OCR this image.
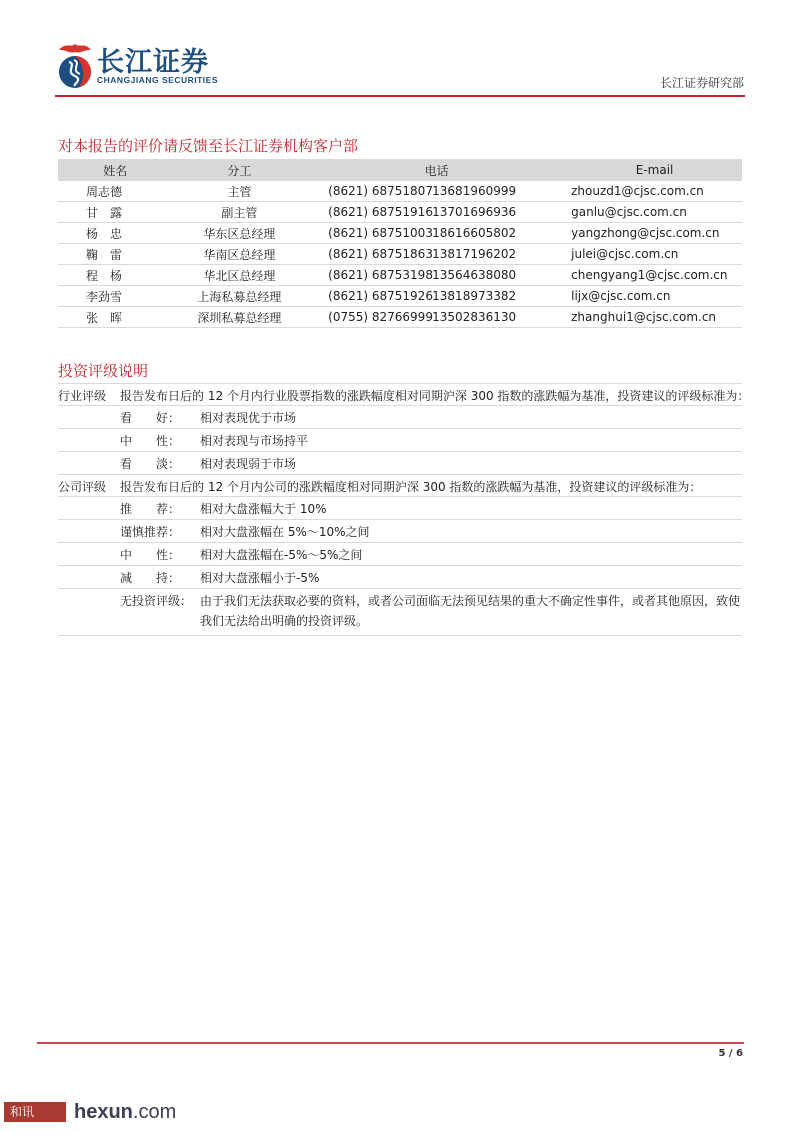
长江证券
CHANGJIANG SECURITIES	长江证券研究部
对本报告的评价请反馈至长江证券机构客户部
姓名	分工	电话	E-mail
周志德	主管	(8621) 6875180713681960999	zhouzd1@cjsc.com.cn
甘　露	副主管	(8621) 6875191613701696936	ganlu@cjsc.com.cn
杨　忠	华东区总经理	(8621) 6875100318616605802	yangzhong@cjsc.com.cn
鞠　雷	华南区总经理	(8621) 6875186313817196202	julei@cjsc.com.cn
程　杨	华北区总经理	(8621) 6875319813564638080	chengyang1@cjsc.com.cn
李劲雪	上海私募总经理	(8621) 6875192613818973382	lijx@cjsc.com.cn
张　晖	深圳私募总经理	(0755) 8276699913502836130	zhanghui1@cjsc.com.cn
投资评级说明
行业评级	报告发布日后的 12 个月内行业股票指数的涨跌幅度相对同期沪深 300 指数的涨跌幅为基准，投资建议的评级标准为：
看　　好：	相对表现优于市场
中　　性：	相对表现与市场持平
看　　淡：	相对表现弱于市场
公司评级	报告发布日后的 12 个月内公司的涨跌幅度相对同期沪深 300 指数的涨跌幅为基准，投资建议的评级标准为：
推　　荐：	相对大盘涨幅大于 10%
谨慎推荐：	相对大盘涨幅在 5%～10%之间
中　　性：	相对大盘涨幅在-5%～5%之间
减　　持：	相对大盘涨幅小于-5%
无投资评级： 由于我们无法获取必要的资料，或者公司面临无法预见结果的重大不确定性事件，或者其他原因，致使我们无法给出明确的投资评级。
5 / 6
和讯	hexun.com
